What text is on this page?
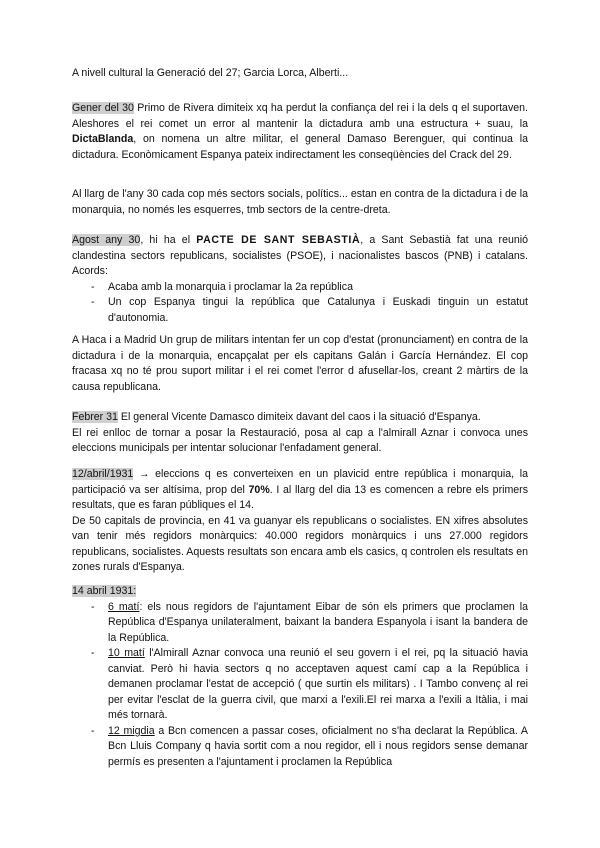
A nivell cultural la Generació del 27; Garcia Lorca, Alberti...

Gener del 30 Primo de Rivera dimiteix xq ha perdut la confiança del rei i la dels q el suportaven. Aleshores el rei comet un error al mantenir la dictadura amb una estructura + suau, la DictaBlanda, on nomena un altre militar, el general Damaso Berenguer, qui continua la dictadura. Econòmicament Espanya pateix indirectament les conseqüències del Crack del 29.

Al llarg de l'any 30 cada cop més sectors socials, polítics... estan en contra de la dictadura i de la monarquia, no només les esquerres, tmb sectors de la centre-dreta.

Agost any 30, hi ha el PACTE DE SANT SEBASTIÀ, a Sant Sebastià fat una reunió clandestina sectors republicans, socialistes (PSOE), i nacionalistes bascos (PNB) i catalans. Acords:
- Acaba amb la monarquia i proclamar la 2a república
- Un cop Espanya tingui la república que Catalunya i Euskadi tinguin un estatut d'autonomia.

A Haca i a Madrid Un grup de militars intentan fer un cop d'estat (pronunciament) en contra de la dictadura i de la monarquia, encapçalat per els capitans Galán i García Hernández. El cop fracasa xq no té prou suport militar i el rei comet l'error d afusellar-los, creant 2 màrtirs de la causa republicana.

Febrer 31 El general Vicente Damasco dimiteix davant del caos i la situació d'Espanya.
El rei enlloc de tornar a posar la Restauració, posa al cap a l'almirall Aznar i convoca unes eleccions municipals per intentar solucionar l'enfadament general.
12/abril/1931 → eleccions q es converteixen en un plavicid entre república i monarquia, la participació va ser altísima, prop del 70%. I al llarg del dia 13 es comencen a rebre els primers resultats, que es faran públiques el 14.
De 50 capitals de provincia, en 41 va guanyar els republicans o socialistes. EN xifres absolutes van tenir més regidors monàrquics: 40.000 regidors monàrquics i uns 27.000 regidors republicans, socialistes. Aquests resultats son encara amb els casics, q controlen els resultats en zones rurals d'Espanya.
14 abril 1931:
- 6 matí: els nous regidors de l'ajuntament Eibar de són els primers que proclamen la República d'Espanya unilateralment, baixant la bandera Espanyola i isant la bandera de la República.
- 10 matí l'Almirall Aznar convoca una reunió el seu govern i el rei, pq la situació havia canviat. Però hi havia sectors q no acceptaven aquest camí cap a la República i demanen proclamar l'estat de accepció ( que surtin els militars) . I Tambo convenç al rei per evitar l'esclat de la guerra civil, que marxi a l'exili.El rei marxa a l'exili a Itàlia, i mai més tornarà.
- 12 migdia a Bcn comencen a passar coses, oficialment no s'ha declarat la República. A Bcn Lluis Company q havia sortit com a nou regidor, ell i nous regidors sense demanar permís es presenten a l'ajuntament i proclamen la República
